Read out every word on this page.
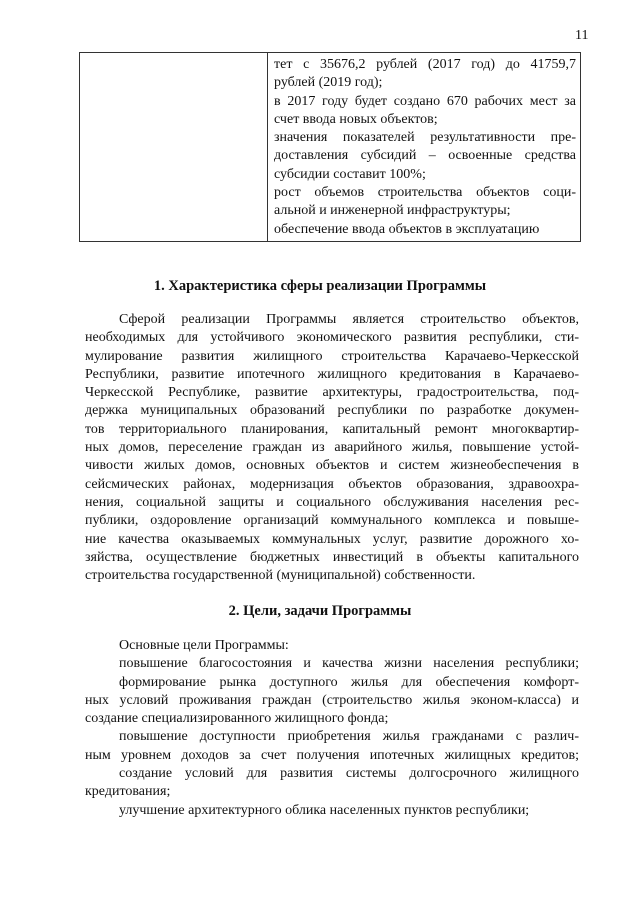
11
тет с 35676,2 рублей (2017 год) до 41759,7
рублей (2019 год);
в 2017 году будет создано 670 рабочих мест за
счет ввода новых объектов;
значения показателей результативности пре-
доставления субсидий – освоенные средства
субсидии составит 100%;
рост объемов строительства объектов соци-
альной и инженерной инфраструктуры;
обеспечение ввода объектов в эксплуатацию
1. Характеристика сферы реализации Программы
Сферой реализации Программы является строительство объектов,
необходимых для устойчивого экономического развития республики, сти-
мулирование развития жилищного строительства Карачаево-Черкесской
Республики, развитие ипотечного жилищного кредитования в Карачаево-
Черкесской Республике, развитие архитектуры, градостроительства, под-
держка муниципальных образований республики по разработке докумен-
тов территориального планирования, капитальный ремонт многоквартир-
ных домов, переселение граждан из аварийного жилья, повышение устой-
чивости жилых домов, основных объектов и систем жизнеобеспечения в
сейсмических районах, модернизация объектов образования, здравоохра-
нения, социальной защиты и социального обслуживания населения рес-
публики, оздоровление организаций коммунального комплекса и повыше-
ние качества оказываемых коммунальных услуг, развитие дорожного хо-
зяйства, осуществление бюджетных инвестиций в объекты капитального
строительства государственной (муниципальной) собственности.
2. Цели, задачи Программы
Основные цели Программы:
повышение благосостояния и качества жизни населения республики;
формирование рынка доступного жилья для обеспечения комфорт-
ных условий проживания граждан (строительство жилья эконом-класса) и
создание специализированного жилищного фонда;
повышение доступности приобретения жилья гражданами с различ-
ным уровнем доходов за счет получения ипотечных жилищных кредитов;
создание условий для развития системы долгосрочного жилищного
кредитования;
улучшение архитектурного облика населенных пунктов республики;
